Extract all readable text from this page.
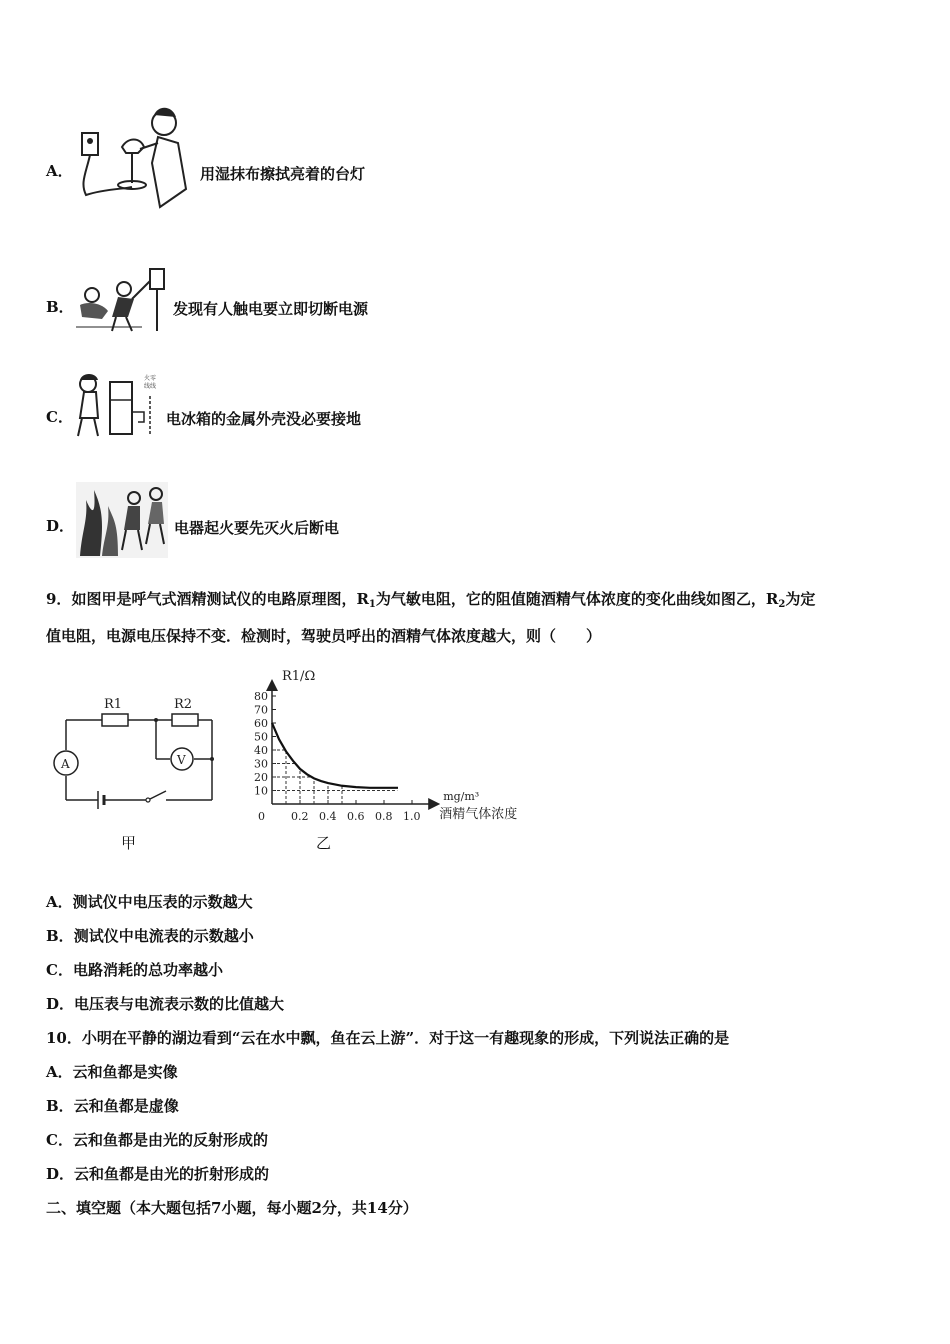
A．	用湿抹布擦拭亮着的台灯
B．	发现有人触电要立即切断电源
C．
火零
线线
电冰箱的金属外壳没必要接地
D．	电器起火要先灭火后断电
9．如图甲是呼气式酒精测试仪的电路原理图，$R_1$为气敏电阻，它的阻值随酒精气体浓度的变化曲线如图乙，$R_2$为定
值电阻，电源电压保持不变．检测时，驾驶员呼出的酒精气体浓度越大，则（　　）
R1	R2
A	V
甲
10
20
30
40
50
60
70
80
0.2 0.4 0.6 0.8 1.0
R1/Ω
mg/m³
酒精气体浓度
0
乙
A．测试仪中电压表的示数越大
B．测试仪中电流表的示数越小
C．电路消耗的总功率越小
D．电压表与电流表示数的比值越大
10．小明在平静的湖边看到“云在水中飘，鱼在云上游”．对于这一有趣现象的形成，下列说法正确的是
A．云和鱼都是实像
B．云和鱼都是虚像
C．云和鱼都是由光的反射形成的
D．云和鱼都是由光的折射形成的
二、填空题（本大题包括7小题，每小题2分，共14分）
